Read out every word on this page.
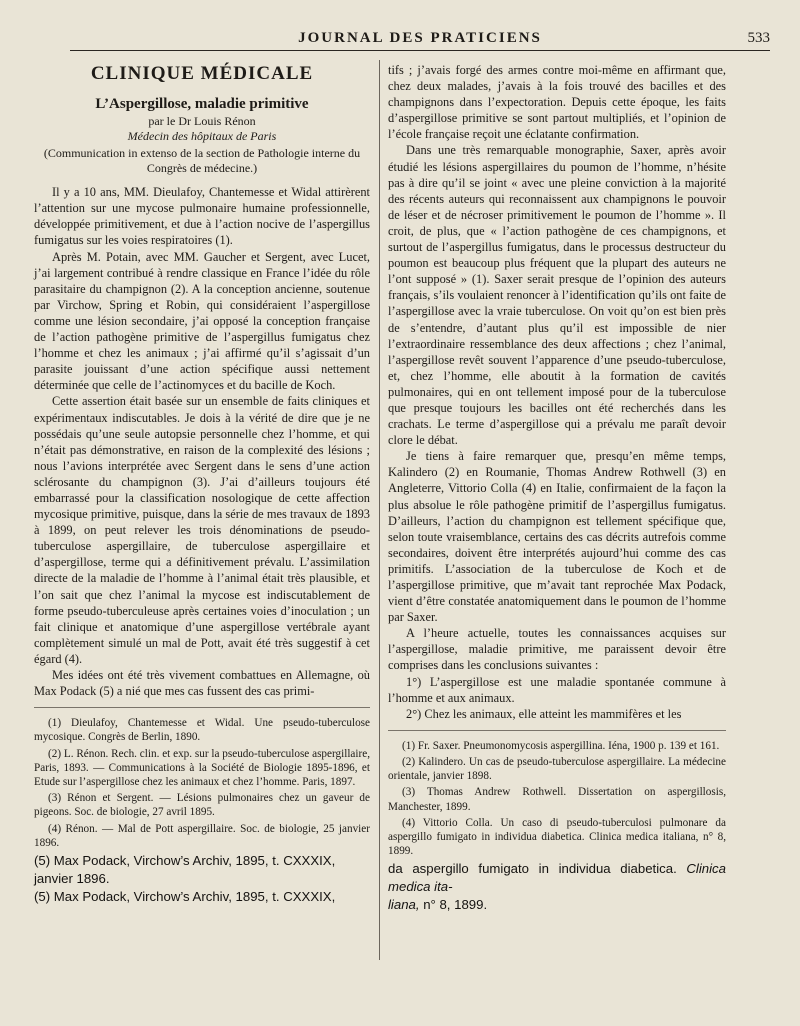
JOURNAL DES PRATICIENS	533
CLINIQUE MÉDICALE
L’Aspergillose, maladie primitive
par le Dr Louis Rénon
Médecin des hôpitaux de Paris
(Communication in extenso de la section de Pathologie interne du Congrès de médecine.)

Il y a 10 ans, MM. Dieulafoy, Chantemesse et Widal attirèrent l’attention sur une mycose pulmonaire humaine professionnelle, développée primitivement, et due à l’action nocive de l’aspergillus fumigatus sur les voies respiratoires (1).

Après M. Potain, avec MM. Gaucher et Sergent, avec Lucet, j’ai largement contribué à rendre classique en France l’idée du rôle parasitaire du champignon (2). A la conception ancienne, soutenue par Virchow, Spring et Robin, qui considéraient l’aspergillose comme une lésion secondaire, j’ai opposé la conception française de l’action pathogène primitive de l’aspergillus fumigatus chez l’homme et chez les animaux ; j’ai affirmé qu’il s’agissait d’un parasite jouissant d’une action spécifique aussi nettement déterminée que celle de l’actinomyces et du bacille de Koch.

Cette assertion était basée sur un ensemble de faits cliniques et expérimentaux indiscutables. Je dois à la vérité de dire que je ne possédais qu’une seule autopsie personnelle chez l’homme, et qui n’était pas démonstrative, en raison de la complexité des lésions ; nous l’avions interprétée avec Sergent dans le sens d’une action sclérosante du champignon (3). J’ai d’ailleurs toujours été embarrassé pour la classification nosologique de cette affection mycosique primitive, puisque, dans la série de mes travaux de 1893 à 1899, on peut relever les trois dénominations de pseudo-tuberculose aspergillaire, de tuberculose aspergillaire et d’aspergillose, terme qui a définitivement prévalu. L’assimilation directe de la maladie de l’homme à l’animal était très plausible, et l’on sait que chez l’animal la mycose est indiscutablement de forme pseudo-tuberculeuse après certaines voies d’inoculation ; un fait clinique et anatomique d’une aspergillose vertébrale ayant complètement simulé un mal de Pott, avait été très suggestif à cet égard (4).

Mes idées ont été très vivement combattues en Allemagne, où Max Podack (5) a nié que mes cas fussent des cas primi-

(1) Dieulafoy, Chantemesse et Widal. Une pseudo-tuberculose mycosique. Congrès de Berlin, 1890.

(2) L. Rénon. Rech. clin. et exp. sur la pseudo-tuberculose aspergillaire, Paris, 1893. — Communications à la Société de Biologie 1895-1896, et Etude sur l’aspergillose chez les animaux et chez l’homme. Paris, 1897.

(3) Rénon et Sergent. — Lésions pulmonaires chez un gaveur de pigeons. Soc. de biologie, 27 avril 1895.

(4) Rénon. — Mal de Pott aspergillaire. Soc. de biologie, 25 janvier 1896.

(5) Max Podack, Virchow’s Archiv, 1895, t. CXXXIX,
janvier 1896.
(5) Max Podack, Virchow’s Archiv, 1895, t. CXXXIX,

tifs ; j’avais forgé des armes contre moi-même en affirmant que, chez deux malades, j’avais à la fois trouvé des bacilles et des champignons dans l’expectoration. Depuis cette époque, les faits d’aspergillose primitive se sont partout multipliés, et l’opinion de l’école française reçoit une éclatante confirmation.

Dans une très remarquable monographie, Saxer, après avoir étudié les lésions aspergillaires du poumon de l’homme, n’hésite pas à dire qu’il se joint « avec une pleine conviction à la majorité des récents auteurs qui reconnaissent aux champignons le pouvoir de léser et de nécroser primitivement le poumon de l’homme ». Il croit, de plus, que « l’action pathogène de ces champignons, et surtout de l’aspergillus fumigatus, dans le processus destructeur du poumon est beaucoup plus fréquent que la plupart des auteurs ne l’ont supposé » (1). Saxer serait presque de l’opinion des auteurs français, s’ils voulaient renoncer à l’identification qu’ils ont faite de l’aspergillose avec la vraie tuberculose. On voit qu’on est bien près de s’entendre, d’autant plus qu’il est impossible de nier l’extraordinaire ressemblance des deux affections ; chez l’animal, l’aspergillose revêt souvent l’apparence d’une pseudo-tuberculose, et, chez l’homme, elle aboutit à la formation de cavités pulmonaires, qui en ont tellement imposé pour de la tuberculose que presque toujours les bacilles ont été recherchés dans les crachats. Le terme d’aspergillose qui a prévalu me paraît devoir clore le débat.

Je tiens à faire remarquer que, presqu’en même temps, Kalindero (2) en Roumanie, Thomas Andrew Rothwell (3) en Angleterre, Vittorio Colla (4) en Italie, confirmaient de la façon la plus absolue le rôle pathogène primitif de l’aspergillus fumigatus. D’ailleurs, l’action du champignon est tellement spécifique que, selon toute vraisemblance, certains des cas décrits autrefois comme secondaires, doivent être interprétés aujourd’hui comme des cas primitifs. L’association de la tuberculose de Koch et de l’aspergillose primitive, que m’avait tant reprochée Max Podack, vient d’être constatée anatomiquement dans le poumon de l’homme par Saxer.

A l’heure actuelle, toutes les connaissances acquises sur l’aspergillose, maladie primitive, me paraissent devoir être comprises dans les conclusions suivantes :

1°) L’aspergillose est une maladie spontanée commune à l’homme et aux animaux.

2°) Chez les animaux, elle atteint les mammifères et les

(1) Fr. Saxer. Pneumonomycosis aspergillina. Iéna, 1900 p. 139 et 161.

(2) Kalindero. Un cas de pseudo-tuberculose aspergillaire. La médecine orientale, janvier 1898.

(3) Thomas Andrew Rothwell. Dissertation on aspergillosis, Manchester, 1899.

(4) Vittorio Colla. Un caso di pseudo-tuberculosi pulmonare da aspergillo fumigato in individua diabetica. Clinica medica italiana, n° 8, 1899.

da aspergillo fumigato in individua diabetica. Clinica medica ita-
liana, n° 8, 1899.
